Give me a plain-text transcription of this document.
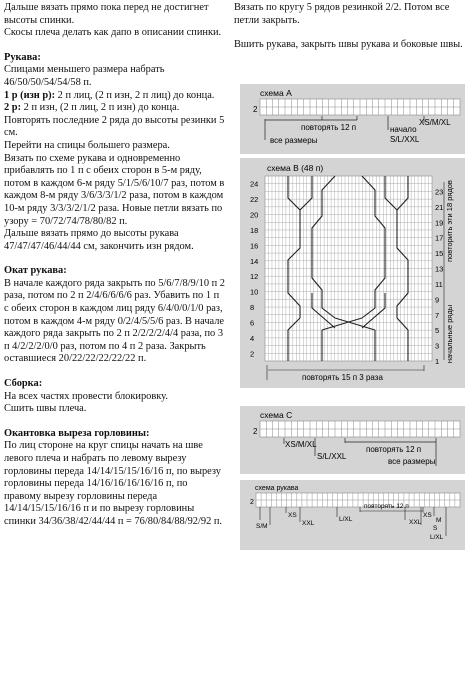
Дальше вязать прямо пока перед не достигнет высоты спинки.

Скосы плеча делать как дапо в описании спинки.

Рукава:

Спицами меньшего размера набрать 46/50/50/54/54/58 п.

1 р (изн р): 2 п лиц, (2 п изн, 2 п лиц) до конца.

2 р: 2 п изн, (2 п лиц, 2 п изн) до конца.

Повторять последние 2 ряда до высоты резинки 5 см.

Перейти на спицы большего размера.

Вязать по схеме рукава и одновременно прибавлять по 1 п с обеих сторон в 5-м ряду, потом в каждом 6-м ряду 5/1/5/6/10/7 раз, потом в каждом 8-м ряду 3/6/3/3/1/2 раза, потом в каждом 10-м ряду 3/3/3/2/1/2 раза. Новые петли вязать по узору = 70/72/74/78/80/82 п.

Дальше вязать прямо до высоты рукава 47/47/47/46/44/44 см, закончить изн рядом.

Окат рукава:

В начале каждого ряда закрыть по 5/6/7/8/9/10 п 2 раза, потом по 2 п 2/4/6/6/6/6 раз. Убавить по 1 п с обеих сторон в каждом лиц ряду 6/4/0/0/1/0 раз, потом в каждом 4-м ряду 0/2/4/5/5/6 раз. В начале каждого ряда закрыть по 2 п 2/2/2/2/4/4 раза, по 3 п 4/2/2/2/0/0 раз, потом по 4 п 2 раза. Закрыть оставшиеся 20/22/22/22/22/22 п.

Сборка:

На всех частях провести блокировку.

Сшить швы плеча.

Окантовка выреза горловины:

По лиц стороне на круг спицы начать на шве левого плеча и набрать по левому вырезу горловины переда 14/14/15/15/16/16 п, по вырезу горловины переда 14/16/16/16/16/16 п, по правому вырезу горловины переда 14/14/15/15/16/16 п и по вырезу горловины спинки 34/36/38/42/44/44 п = 76/80/84/88/92/92 п.

Вязать по кругу 5 рядов резинкой 2/2. Потом все петли закрыть.

Вшить рукава, закрыть швы рукава и боковые швы.

схема А
2
повторять 12 п
все размеры
начало
S/L/XXL
XS/M/XL
схема В (48 п)
24
22
20
18
16
14
12
10
8
6
4
2
23
21
19
17
15
13
11
9
7
5
3
1
повторить эти 18 рядов
начальные ряды
повторять 15 п 3 раза
схема С
2
XS/M/XL
S/L/XXL
повторять 12 п
все размеры
схема рукава
2
XS
S/M
L/XL
XXL
повторять 12 п
XS
XXL M
S
L/XL
